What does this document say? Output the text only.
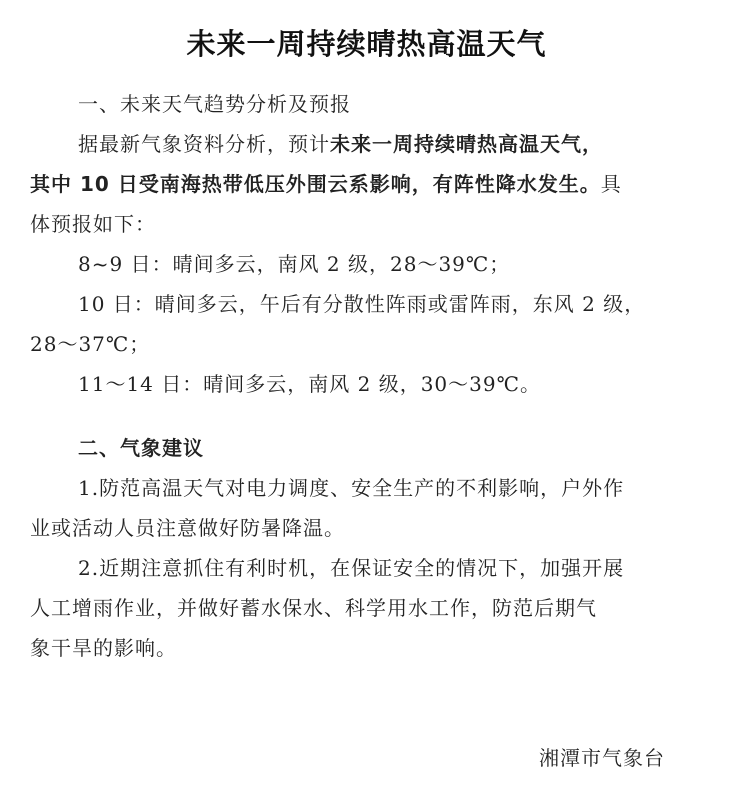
未来一周持续晴热高温天气
一、未来天气趋势分析及预报
据最新气象资料分析，预计未来一周持续晴热高温天气，
其中 10 日受南海热带低压外围云系影响，有阵性降水发生。具
体预报如下：
8~9 日：晴间多云，南风 2 级，28～39℃；
10 日：晴间多云，午后有分散性阵雨或雷阵雨，东风 2 级，
28～37℃；
11～14 日：晴间多云，南风 2 级，30～39℃。
二、气象建议
1.防范高温天气对电力调度、安全生产的不利影响，户外作
业或活动人员注意做好防暑降温。
2.近期注意抓住有利时机，在保证安全的情况下，加强开展
人工增雨作业，并做好蓄水保水、科学用水工作，防范后期气
象干旱的影响。
湘潭市气象台
